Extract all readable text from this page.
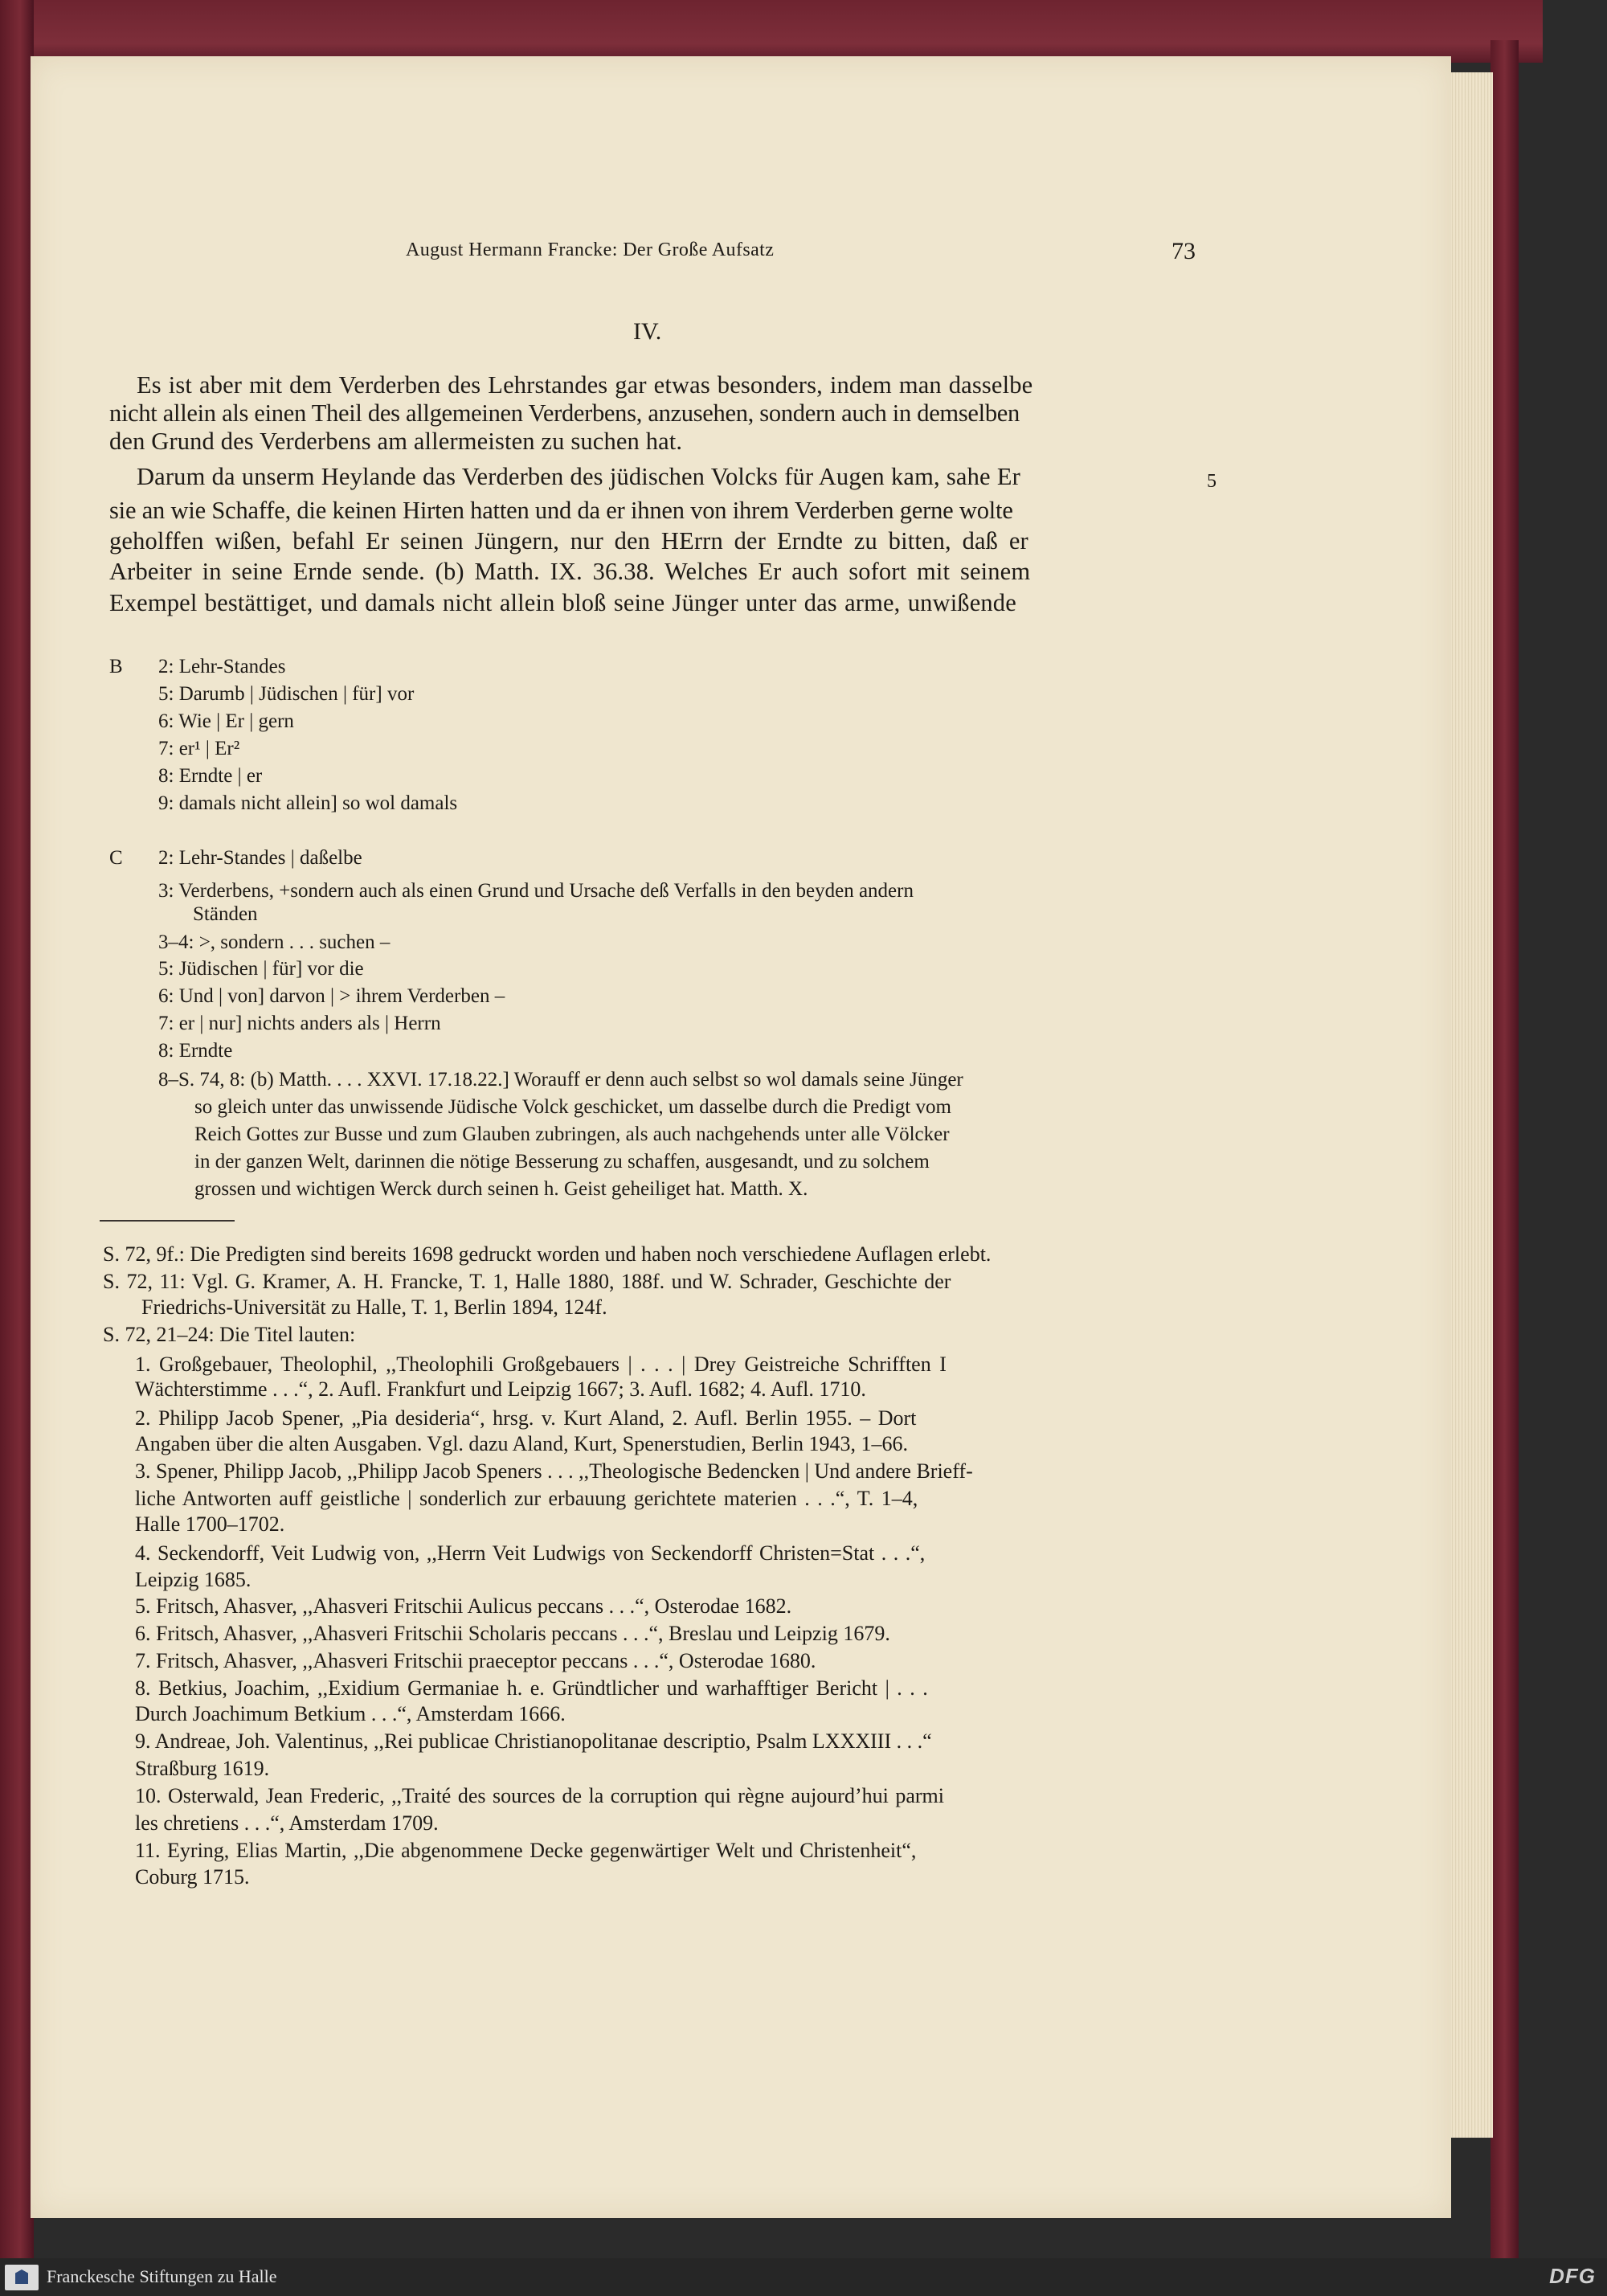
August Hermann Francke: Der Große Aufsatz	73
IV.
Es ist aber mit dem Verderben des Lehrstandes gar etwas besonders, indem man dasselbe
nicht allein als einen Theil des allgemeinen Verderbens, anzusehen, sondern auch in demselben
den Grund des Verderbens am allermeisten zu suchen hat.
Darum da unserm Heylande das Verderben des jüdischen Volcks für Augen kam, sahe Er	5
sie an wie Schaffe, die keinen Hirten hatten und da er ihnen von ihrem Verderben gerne wolte
geholffen wißen, befahl Er seinen Jüngern, nur den HErrn der Erndte zu bitten, daß er
Arbeiter in seine Ernde sende. (b) Matth. IX. 36.38. Welches Er auch sofort mit seinem
Exempel bestättiget, und damals nicht allein bloß seine Jünger unter das arme, unwißende
B 2: Lehr-Standes
5: Darumb | Jüdischen | für] vor
6: Wie | Er | gern
7: er¹ | Er²
8: Erndte | er
9: damals nicht allein] so wol damals
C 2: Lehr-Standes | daßelbe
3: Verderbens, +sondern auch als einen Grund und Ursache deß Verfalls in den beyden andern
Ständen
3–4: >, sondern . . . suchen –
5: Jüdischen | für] vor die
6: Und | von] darvon | > ihrem Verderben –
7: er | nur] nichts anders als | Herrn
8: Erndte
8–S. 74, 8: (b) Matth. . . . XXVI. 17.18.22.] Worauff er denn auch selbst so wol damals seine Jünger
so gleich unter das unwissende Jüdische Volck geschicket, um dasselbe durch die Predigt vom
Reich Gottes zur Busse und zum Glauben zubringen, als auch nachgehends unter alle Völcker
in der ganzen Welt, darinnen die nötige Besserung zu schaffen, ausgesandt, und zu solchem
grossen und wichtigen Werck durch seinen h. Geist geheiliget hat. Matth. X.
S. 72, 9f.: Die Predigten sind bereits 1698 gedruckt worden und haben noch verschiedene Auflagen erlebt.
S. 72, 11: Vgl. G. Kramer, A. H. Francke, T. 1, Halle 1880, 188f. und W. Schrader, Geschichte der
Friedrichs-Universität zu Halle, T. 1, Berlin 1894, 124f.
S. 72, 21–24: Die Titel lauten:
1. Großgebauer, Theolophil, ,,Theolophili Großgebauers | . . . | Drey Geistreiche Schrifften I
Wächterstimme . . .“, 2. Aufl. Frankfurt und Leipzig 1667; 3. Aufl. 1682; 4. Aufl. 1710.
2. Philipp Jacob Spener, „Pia desideria“, hrsg. v. Kurt Aland, 2. Aufl. Berlin 1955. – Dort
Angaben über die alten Ausgaben. Vgl. dazu Aland, Kurt, Spenerstudien, Berlin 1943, 1–66.
3. Spener, Philipp Jacob, ,,Philipp Jacob Speners . . . ,,Theologische Bedencken | Und andere Brieff-
liche Antworten auff geistliche | sonderlich zur erbauung gerichtete materien . . .“, T. 1–4,
Halle 1700–1702.
4. Seckendorff, Veit Ludwig von, ,,Herrn Veit Ludwigs von Seckendorff Christen=Stat . . .“,
Leipzig 1685.
5. Fritsch, Ahasver, ,,Ahasveri Fritschii Aulicus peccans . . .“, Osterodae 1682.
6. Fritsch, Ahasver, ,,Ahasveri Fritschii Scholaris peccans . . .“, Breslau und Leipzig 1679.
7. Fritsch, Ahasver, ,,Ahasveri Fritschii praeceptor peccans . . .“, Osterodae 1680.
8. Betkius, Joachim, ,,Exidium Germaniae h. e. Gründtlicher und warhafftiger Bericht | . . .
Durch Joachimum Betkium . . .“, Amsterdam 1666.
9. Andreae, Joh. Valentinus, ,,Rei publicae Christianopolitanae descriptio, Psalm LXXXIII . . .“
Straßburg 1619.
10. Osterwald, Jean Frederic, ,,Traité des sources de la corruption qui règne aujourd’hui parmi
les chretiens . . .“, Amsterdam 1709.
11. Eyring, Elias Martin, ,,Die abgenommene Decke gegenwärtiger Welt und Christenheit“,
Coburg 1715.
Franckesche Stiftungen zu Halle	DFG
